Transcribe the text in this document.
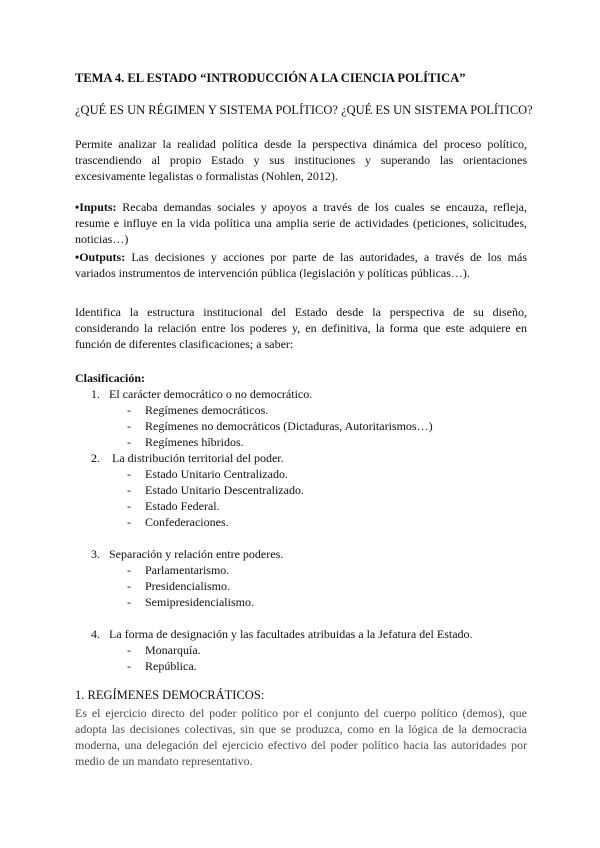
TEMA 4. EL ESTADO “INTRODUCCIÓN A LA CIENCIA POLÍTICA”

¿QUÉ ES UN RÉGIMEN Y SISTEMA POLÍTICO? ¿QUÉ ES UN SISTEMA POLÍTICO?

Permite analizar la realidad política desde la perspectiva dinámica del proceso político, trascendiendo al propio Estado y sus instituciones y superando las orientaciones excesivamente legalistas o formalistas (Nohlen, 2012).

•Inputs: Recaba demandas sociales y apoyos a través de los cuales se encauza, refleja, resume e influye en la vida política una amplia serie de actividades (peticiones, solicitudes, noticias…)

•Outputs: Las decisiones y acciones por parte de las autoridades, a través de los más variados instrumentos de intervención pública (legislación y políticas públicas…).

Identifica la estructura institucional del Estado desde la perspectiva de su diseño, considerando la relación entre los poderes y, en definitiva, la forma que este adquiere en función de diferentes clasificaciones; a saber:

Clasificación:

1. El carácter democrático o no democrático.
- Regímenes democráticos.
- Regímenes no democráticos (Dictaduras, Autoritarismos…)
- Regímenes híbridos.
2. La distribución territorial del poder.
- Estado Unitario Centralizado.
- Estado Unitario Descentralizado.
- Estado Federal.
- Confederaciones.
3. Separación y relación entre poderes.
- Parlamentarismo.
- Presidencialismo.
- Semipresidencialismo.
4. La forma de designación y las facultades atribuidas a la Jefatura del Estado.
- Monarquía.
- República.

1. REGÍMENES DEMOCRÁTICOS:

Es el ejercicio directo del poder político por el conjunto del cuerpo político (demos), que adopta las decisiones colectivas, sin que se produzca, como en la lógica de la democracia moderna, una delegación del ejercicio efectivo del poder político hacia las autoridades por medio de un mandato representativo.
